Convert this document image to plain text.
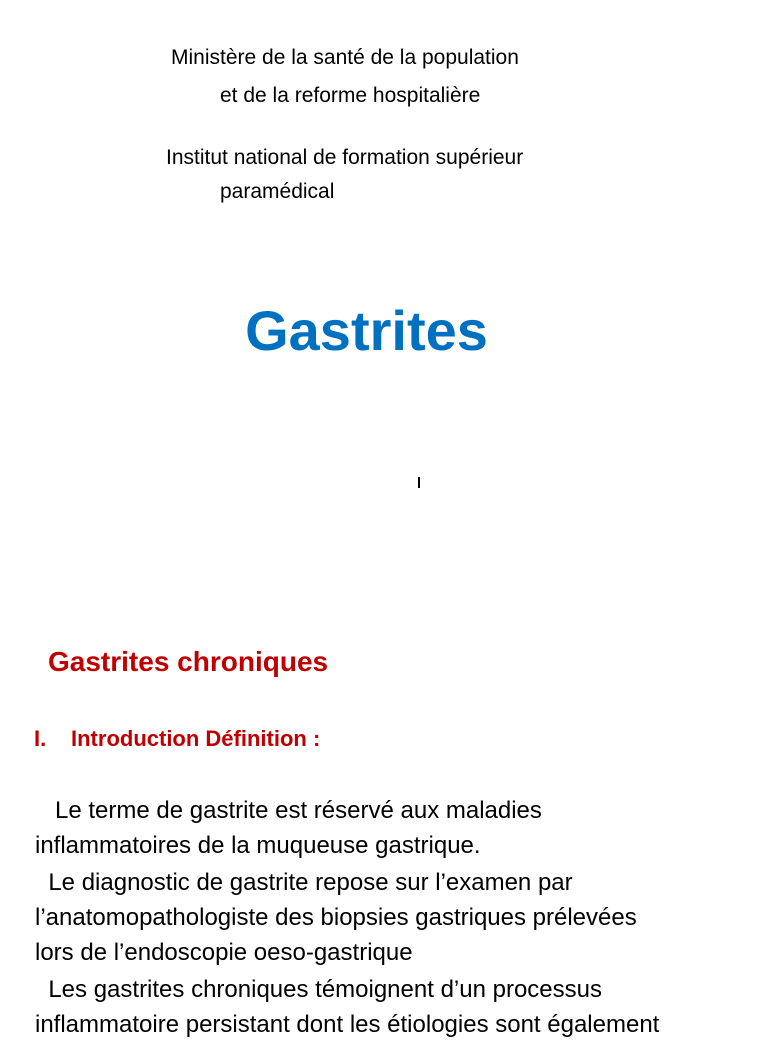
Ministère de la santé de la population

et de la reforme hospitalière

Institut national de formation supérieur

paramédical

Gastrites
Gastrites chroniques
I. Introduction Définition :

Le terme de gastrite est réservé aux maladies

inflammatoires de la muqueuse gastrique.

Le diagnostic de gastrite repose sur l’examen par

l’anatomopathologiste des biopsies gastriques prélevées

lors de l’endoscopie oeso-gastrique

Les gastrites chroniques témoignent d’un processus

inflammatoire persistant dont les étiologies sont également
